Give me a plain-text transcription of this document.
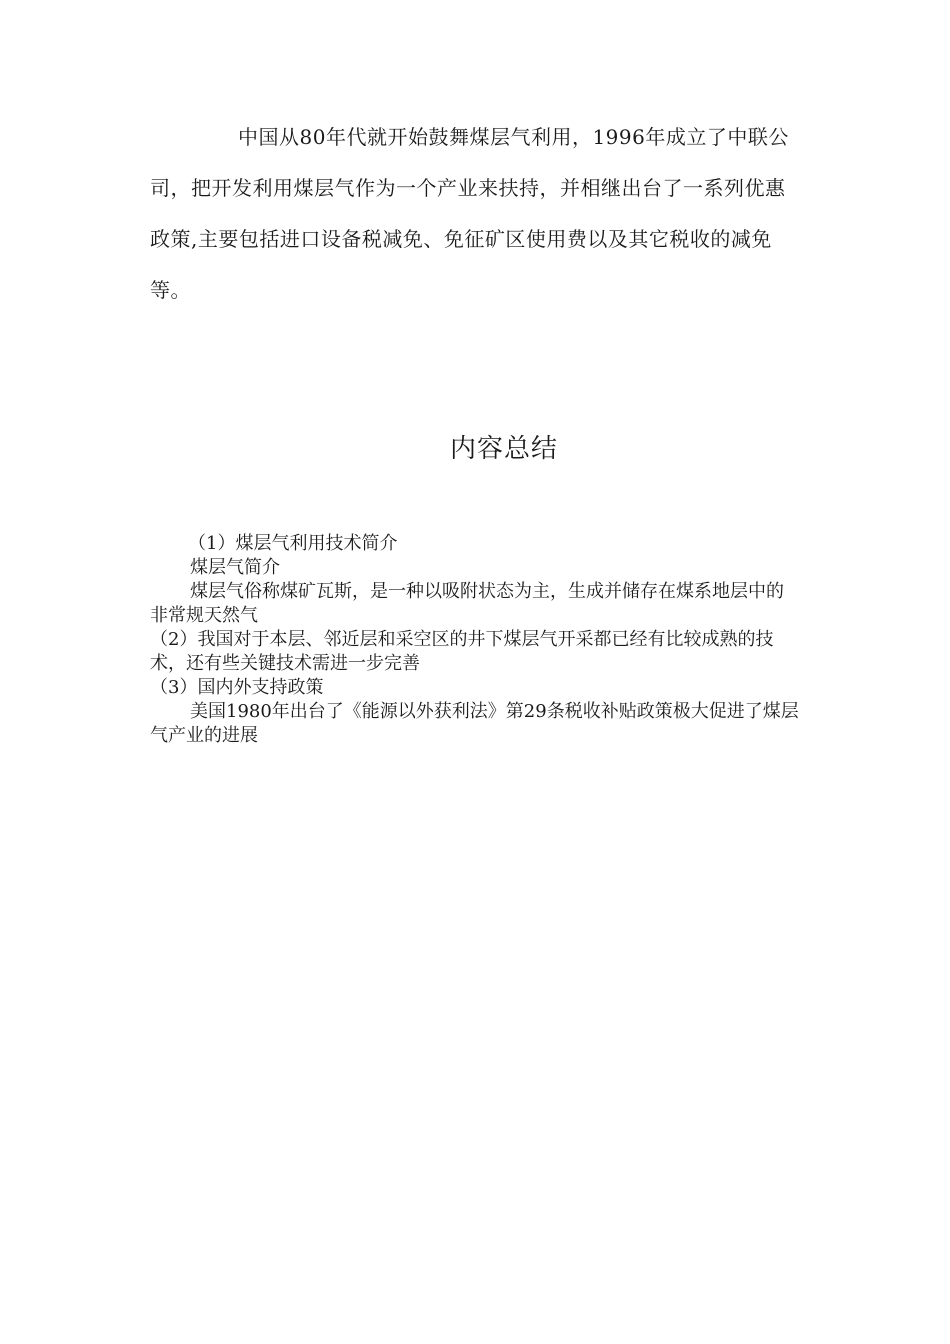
中国从80年代就开始鼓舞煤层气利用，1996年成立了中联公司，把开发利用煤层气作为一个产业来扶持，并相继出台了一系列优惠政策,主要包括进口设备税减免、免征矿区使用费以及其它税收的减免等。

内容总结

（1）煤层气利用技术简介

煤层气简介

煤层气俗称煤矿瓦斯，是一种以吸附状态为主，生成并储存在煤系地层中的非常规天然气

（2）我国对于本层、邻近层和采空区的井下煤层气开采都已经有比较成熟的技术，还有些关键技术需进一步完善

（3）国内外支持政策

美国1980年出台了《能源以外获利法》第29条税收补贴政策极大促进了煤层气产业的进展
